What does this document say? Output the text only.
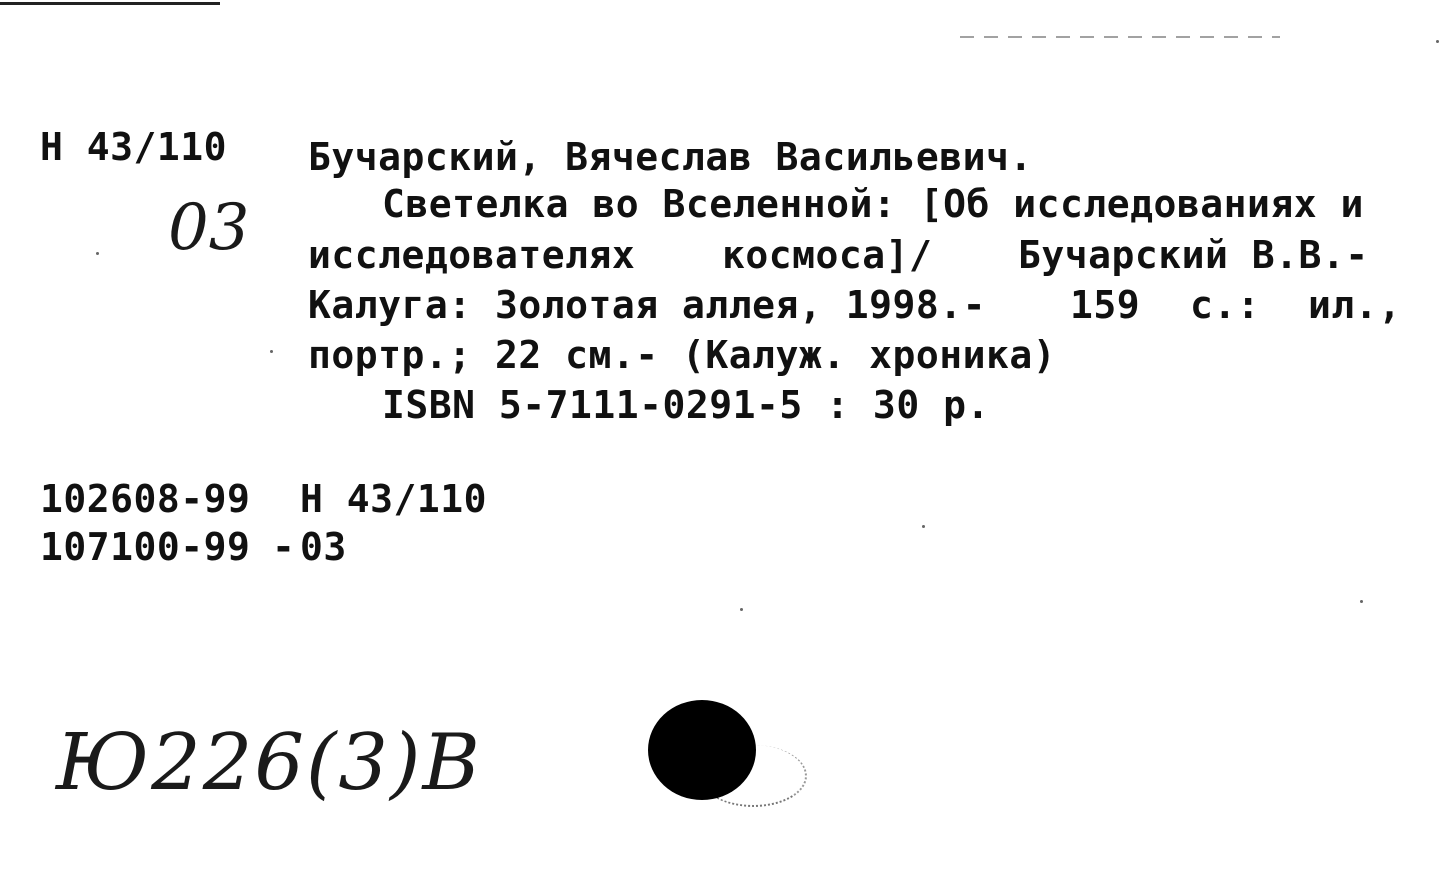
Н 43/110
03
Бучарский, Вячеслав Васильевич.
Светелка во Вселенной: [Об исследованиях и
исследователях космоса]/ Бучарский В.В.-
Калуга: Золотая аллея, 1998.- 159 с.: ил.,
портр.; 22 см.- (Калуж. хроника)
ISBN 5-7111-0291-5 : 30 р.
102608-99 Н 43/110
107100-99 - 03
Ю226(3)В
